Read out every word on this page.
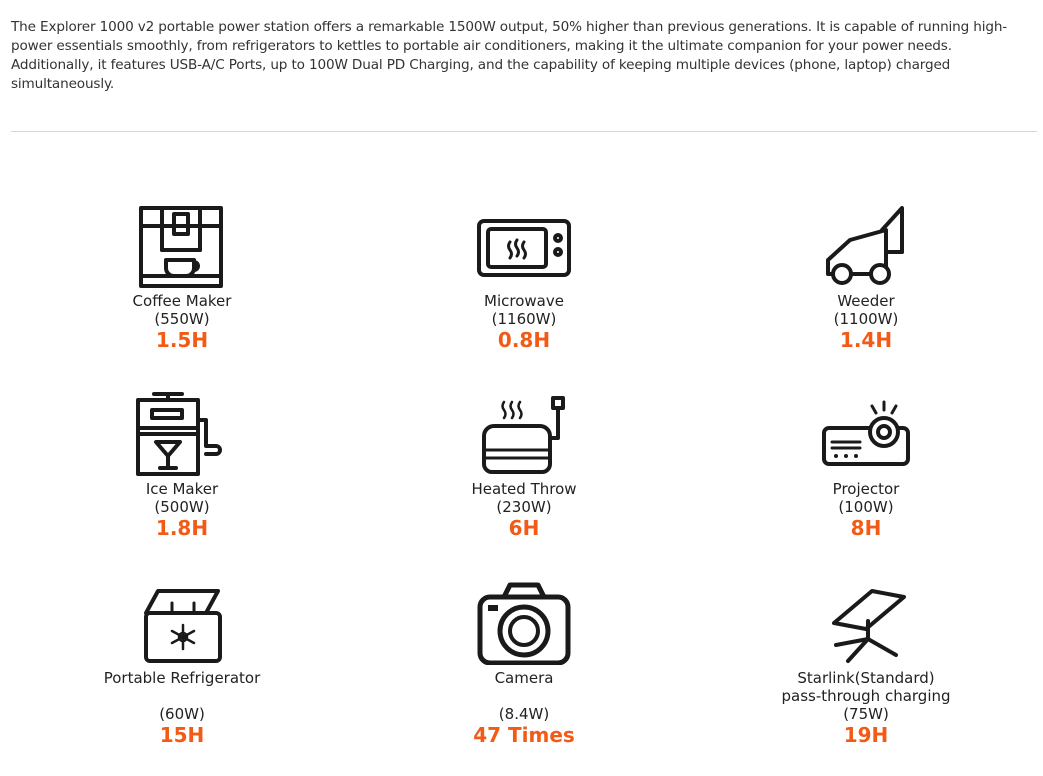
The Explorer 1000 v2 portable power station offers a remarkable 1500W output, 50% higher than previous generations. It is capable of running high-power essentials smoothly, from refrigerators to kettles to portable air conditioners, making it the ultimate companion for your power needs. Additionally, it features USB-A/C Ports, up to 100W Dual PD Charging, and the capability of keeping multiple devices (phone, laptop) charged simultaneously.

Coffee Maker
(550W)
1.5H
Microwave
(1160W)
0.8H
Weeder
(1100W)
1.4H
Ice Maker
(500W)
1.8H
Heated Throw
(230W)
6H
Projector
(100W)
8H
Portable Refrigerator

(60W)
15H
Camera

(8.4W)
47 Times
Starlink(Standard)
pass-through charging
(75W)
19H
